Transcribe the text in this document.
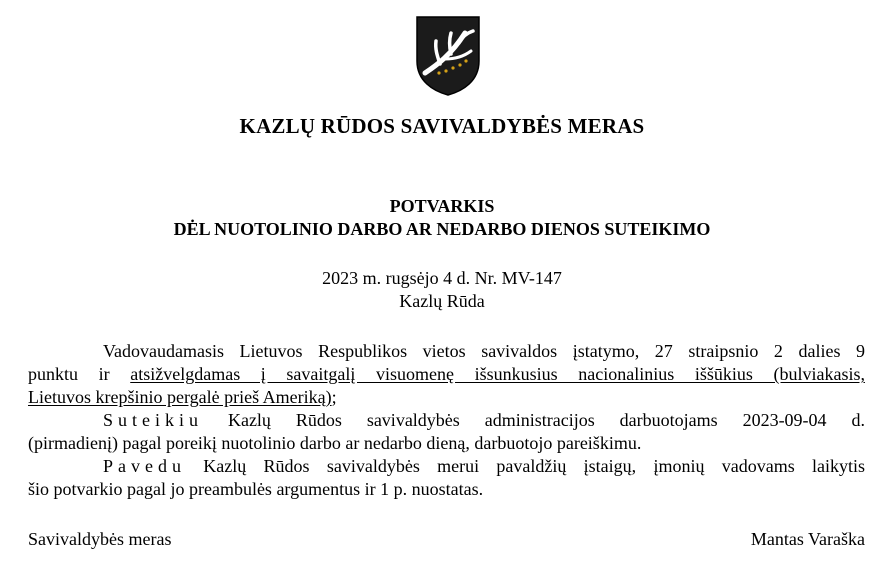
KAZLŲ RŪDOS SAVIVALDYBĖS MERAS
POTVARKIS
DĖL NUOTOLINIO DARBO AR NEDARBO DIENOS SUTEIKIMO
2023 m. rugsėjo 4 d. Nr. MV-147
Kazlų Rūda
Vadovaudamasis Lietuvos Respublikos vietos savivaldos įstatymo, 27 straipsnio 2 dalies 9
punktu ir atsižvelgdamas į savaitgalį visuomenę išsunkusius nacionalinius iššūkius (bulviakasis,
Lietuvos krepšinio pergalė prieš Ameriką);
Suteikiu Kazlų Rūdos savivaldybės administracijos darbuotojams 2023-09-04 d.
(pirmadienį) pagal poreikį nuotolinio darbo ar nedarbo dieną, darbuotojo pareiškimu.
Pavedu Kazlų Rūdos savivaldybės merui pavaldžių įstaigų, įmonių vadovams laikytis
šio potvarkio pagal jo preambulės argumentus ir 1 p. nuostatas.
Savivaldybės meras	Mantas Varaška
